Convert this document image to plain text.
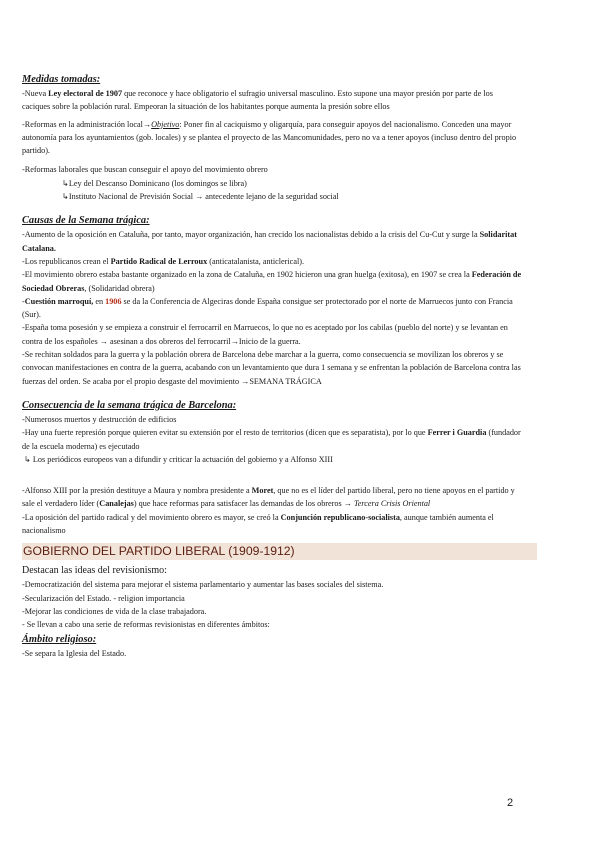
Medidas tomadas:

-Nueva Ley electoral de 1907 que reconoce y hace obligatorio el sufragio universal masculino. Esto supone una mayor presión por parte de los caciques sobre la población rural. Empeoran la situación de los habitantes porque aumenta la presión sobre ellos

-Reformas en la administración local→Objetivo: Poner fin al caciquismo y oligarquía, para conseguir apoyos del nacionalismo. Conceden una mayor autonomía para los ayuntamientos (gob. locales) y se plantea el proyecto de las Mancomunidades, pero no va a tener apoyos (incluso dentro del propio partido).

-Reformas laborales que buscan conseguir el apoyo del movimiento obrero

↳Ley del Descanso Dominicano (los domingos se libra)

↳Instituto Nacional de Previsión Social → antecedente lejano de la seguridad social

Causas de la Semana trágica:

-Aumento de la oposición en Cataluña, por tanto, mayor organización, han crecido los nacionalistas debido a la crisis del Cu-Cut y surge la Solidaritat Catalana.

-Los republicanos crean el Partido Radical de Lerroux (anticatalanista, anticlerical).

-El movimiento obrero estaba bastante organizado en la zona de Cataluña, en 1902 hicieron una gran huelga (exitosa), en 1907 se crea la Federación de Sociedad Obreras, (Solidaridad obrera)

-Cuestión marroquí, en 1906 se da la Conferencia de Algeciras donde España consigue ser protectorado por el norte de Marruecos junto con Francia (Sur).

-España toma posesión y se empieza a construir el ferrocarril en Marruecos, lo que no es aceptado por los cabilas (pueblo del norte) y se levantan en contra de los españoles → asesinan a dos obreros del ferrocarril→Inicio de la guerra.

-Se rechitan soldados para la guerra y la población obrera de Barcelona debe marchar a la guerra, como consecuencia se movilizan los obreros y se convocan manifestaciones en contra de la guerra, acabando con un levantamiento que dura 1 semana y se enfrentan la población de Barcelona contra las fuerzas del orden. Se acaba por el propio desgaste del movimiento →SEMANA TRÁGICA

Consecuencia de la semana trágica de Barcelona:

-Numerosos muertos y destrucción de edificios

-Hay una fuerte represión porque quieren evitar su extensión por el resto de territorios (dicen que es separatista), por lo que Ferrer i Guardia (fundador de la escuela moderna) es ejecutado

↳ Los periódicos europeos van a difundir y criticar la actuación del gobierno y a Alfonso XIII

-Alfonso XIII por la presión destituye a Maura y nombra presidente a Moret, que no es el líder del partido liberal, pero no tiene apoyos en el partido y sale el verdadero líder (Canalejas) que hace reformas para satisfacer las demandas de los obreros → Tercera Crisis Oriental

-La oposición del partido radical y del movimiento obrero es mayor, se creó la Conjunción republicano-socialista, aunque también aumenta el nacionalismo

GOBIERNO DEL PARTIDO LIBERAL (1909-1912)

Destacan las ideas del revisionismo:

-Democratización del sistema para mejorar el sistema parlamentario y aumentar las bases sociales del sistema.

-Secularización del Estado. - religion importancia

-Mejorar las condiciones de vida de la clase trabajadora.

- Se llevan a cabo una serie de reformas revisionistas en diferentes ámbitos:

Ámbito religioso:

-Se separa la Iglesia del Estado.

2
